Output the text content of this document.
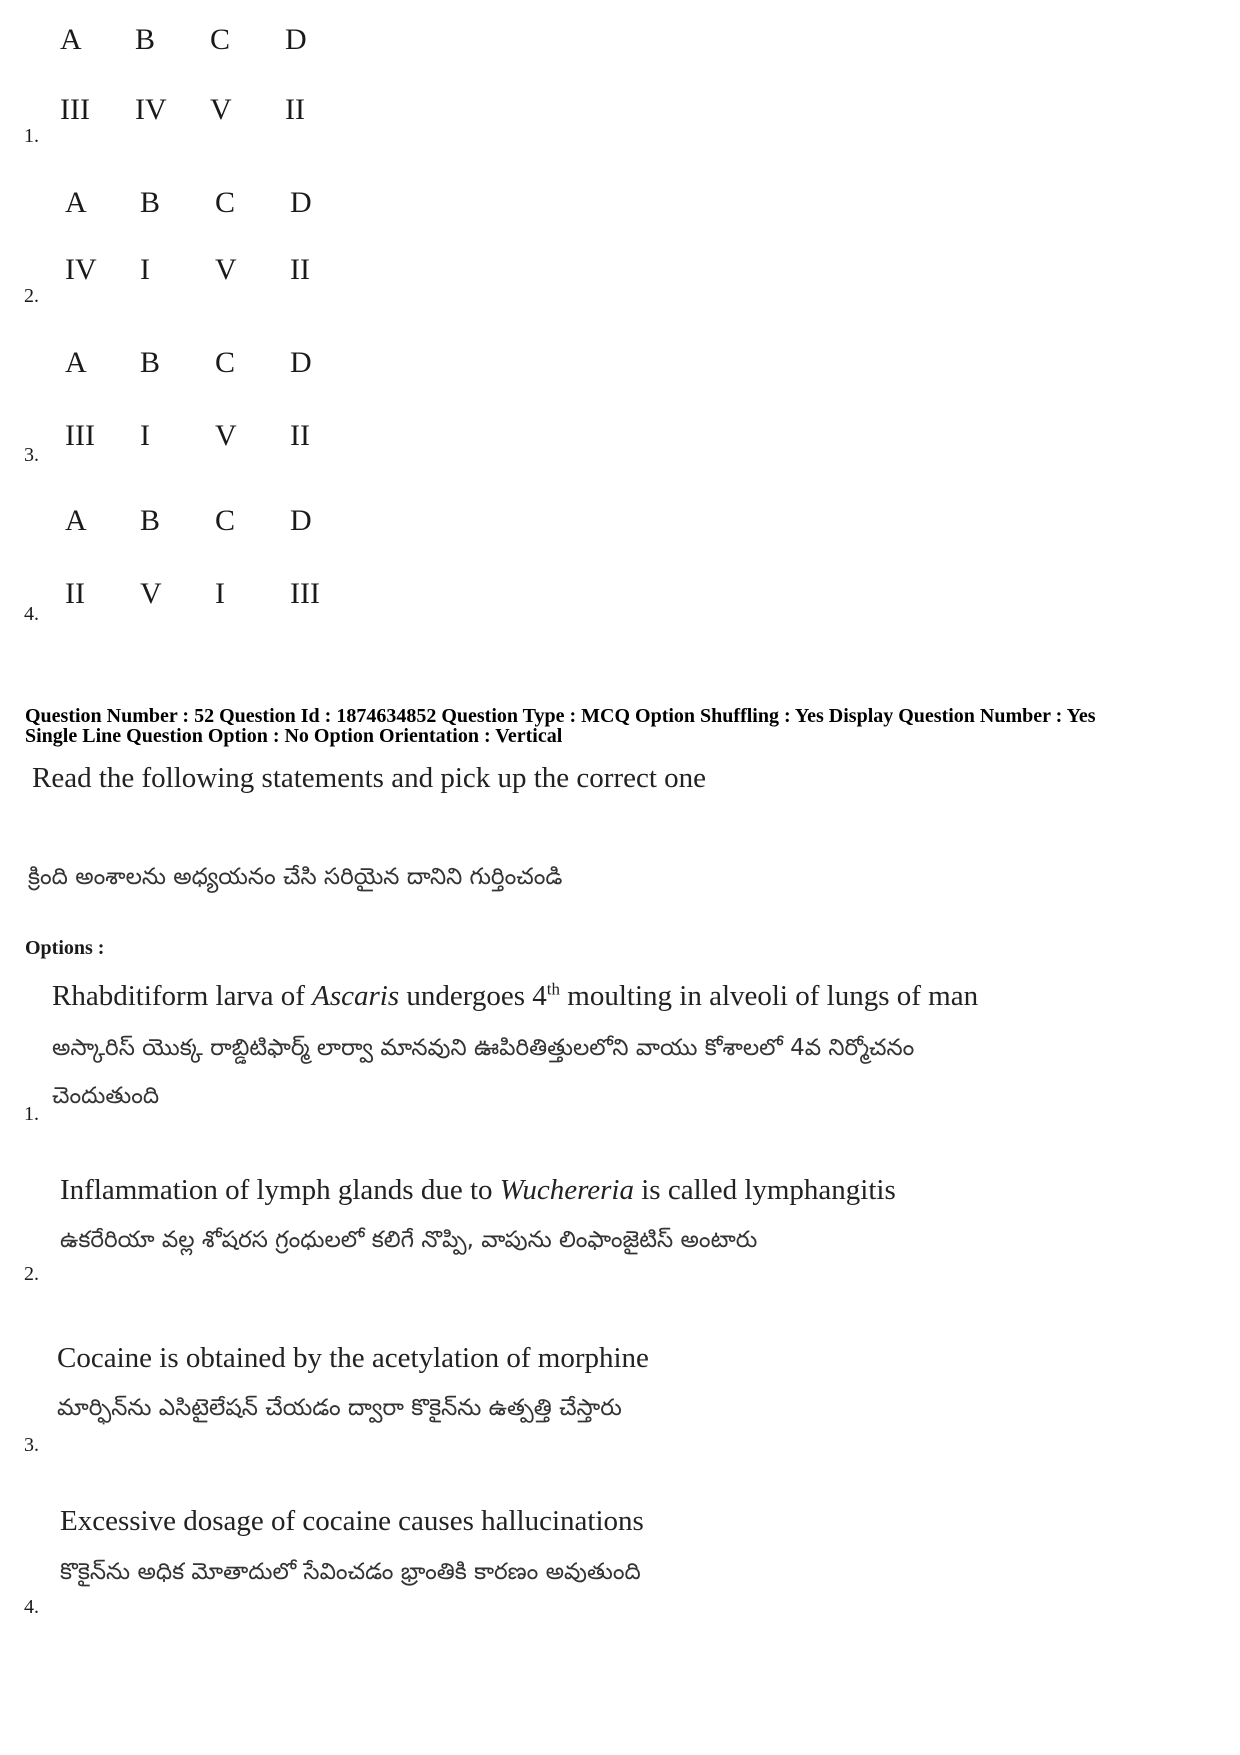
A	B	C	D
III	IV	V	II
1.
A	B	C	D
IV	I	V	II
2.
A	B	C	D
III	I	V	II
3.
A	B	C	D
II	V	I	III
4.
Question Number : 52 Question Id : 1874634852 Question Type : MCQ Option Shuffling : Yes Display Question Number : Yes
Single Line Question Option : No Option Orientation : Vertical
Read the following statements and pick up the correct one
క్రింది అంశాలను అధ్యయనం చేసి సరియైన దానిని గుర్తించండి
Options :
Rhabditiform larva of Ascaris undergoes 4th moulting in alveoli of lungs of man
అస్కారిస్ యొక్క రాబ్డిటిఫార్మ్ లార్వా మానవుని ఊపిరితిత్తులలోని వాయు కోశాలలో 4వ నిర్మోచనం
చెందుతుంది
1.
Inflammation of lymph glands due to Wuchereria is called lymphangitis
ఉకరేరియా వల్ల శోషరస గ్రంధులలో కలిగే నొప్పి, వాపును లింఫాంజైటిస్ అంటారు
2.
Cocaine is obtained by the acetylation of morphine
మార్ఫిన్‌ను ఎసిటైలేషన్ చేయడం ద్వారా కొకైన్‌ను ఉత్పత్తి చేస్తారు
3.
Excessive dosage of cocaine causes hallucinations
కొకైన్‌ను అధిక మోతాదులో సేవించడం భ్రాంతికి కారణం అవుతుంది
4.
